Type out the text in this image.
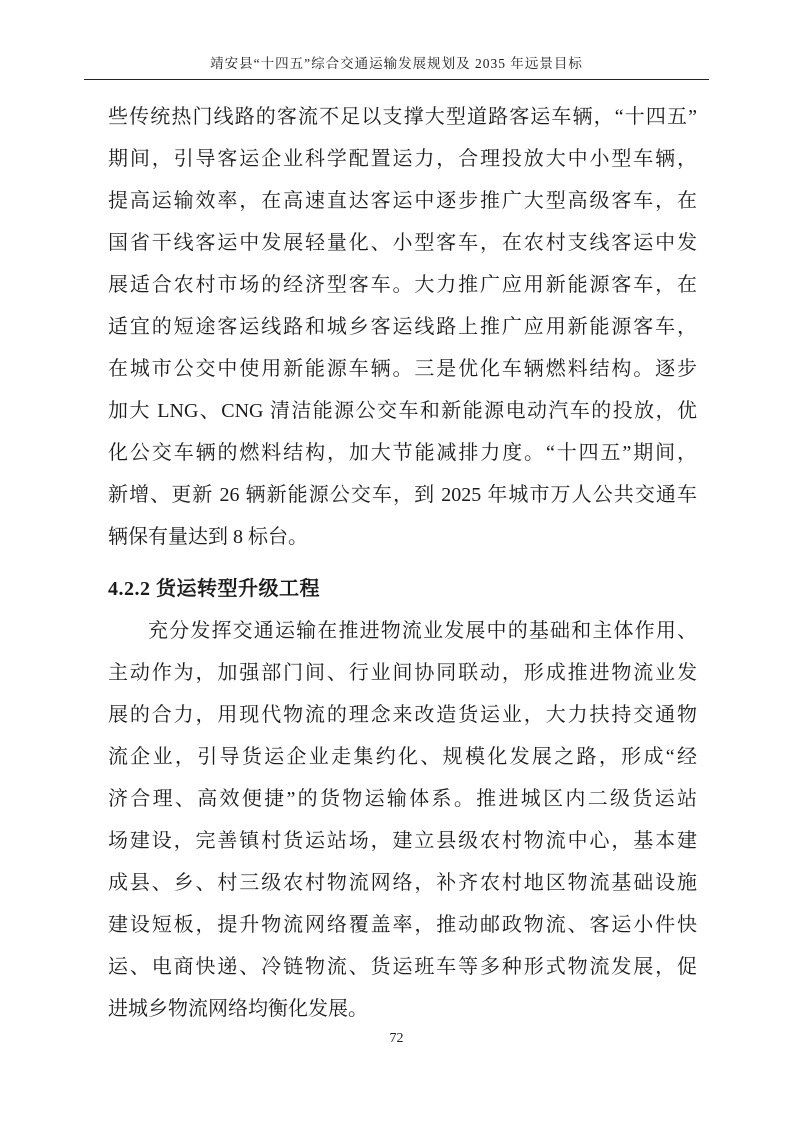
靖安县“十四五”综合交通运输发展规划及 2035 年远景目标
些传统热门线路的客流不足以支撑大型道路客运车辆，“十四五”
期间，引导客运企业科学配置运力，合理投放大中小型车辆，
提高运输效率，在高速直达客运中逐步推广大型高级客车，在
国省干线客运中发展轻量化、小型客车，在农村支线客运中发
展适合农村市场的经济型客车。大力推广应用新能源客车，在
适宜的短途客运线路和城乡客运线路上推广应用新能源客车，
在城市公交中使用新能源车辆。三是优化车辆燃料结构。逐步
加大 LNG、CNG 清洁能源公交车和新能源电动汽车的投放，优
化公交车辆的燃料结构，加大节能减排力度。“十四五”期间，
新增、更新 26 辆新能源公交车，到 2025 年城市万人公共交通车
辆保有量达到 8 标台。
4.2.2 货运转型升级工程
充分发挥交通运输在推进物流业发展中的基础和主体作用、
主动作为，加强部门间、行业间协同联动，形成推进物流业发
展的合力，用现代物流的理念来改造货运业，大力扶持交通物
流企业，引导货运企业走集约化、规模化发展之路，形成“经
济合理、高效便捷”的货物运输体系。推进城区内二级货运站
场建设，完善镇村货运站场，建立县级农村物流中心，基本建
成县、乡、村三级农村物流网络，补齐农村地区物流基础设施
建设短板，提升物流网络覆盖率，推动邮政物流、客运小件快
运、电商快递、冷链物流、货运班车等多种形式物流发展，促
进城乡物流网络均衡化发展。
72
